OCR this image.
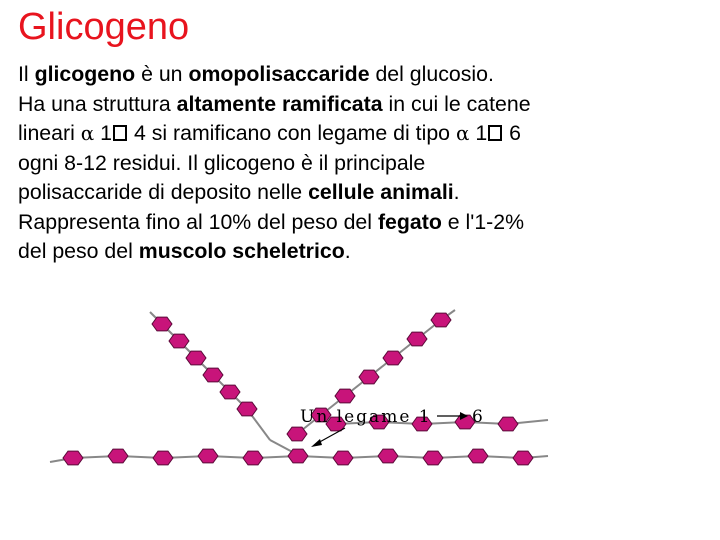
Glicogeno
Il glicogeno è un omopolisaccaride del glucosio.
Ha una struttura altamente ramificata in cui le catene
lineari α 1 4 si ramificano con legame di tipo α 1 6
ogni 8-12 residui. Il glicogeno è il principale
polisaccaride di deposito nelle cellule animali.
Rappresenta fino al 10% del peso del fegato e l'1-2%
del peso del muscolo scheletrico.
Un legame 1 6
